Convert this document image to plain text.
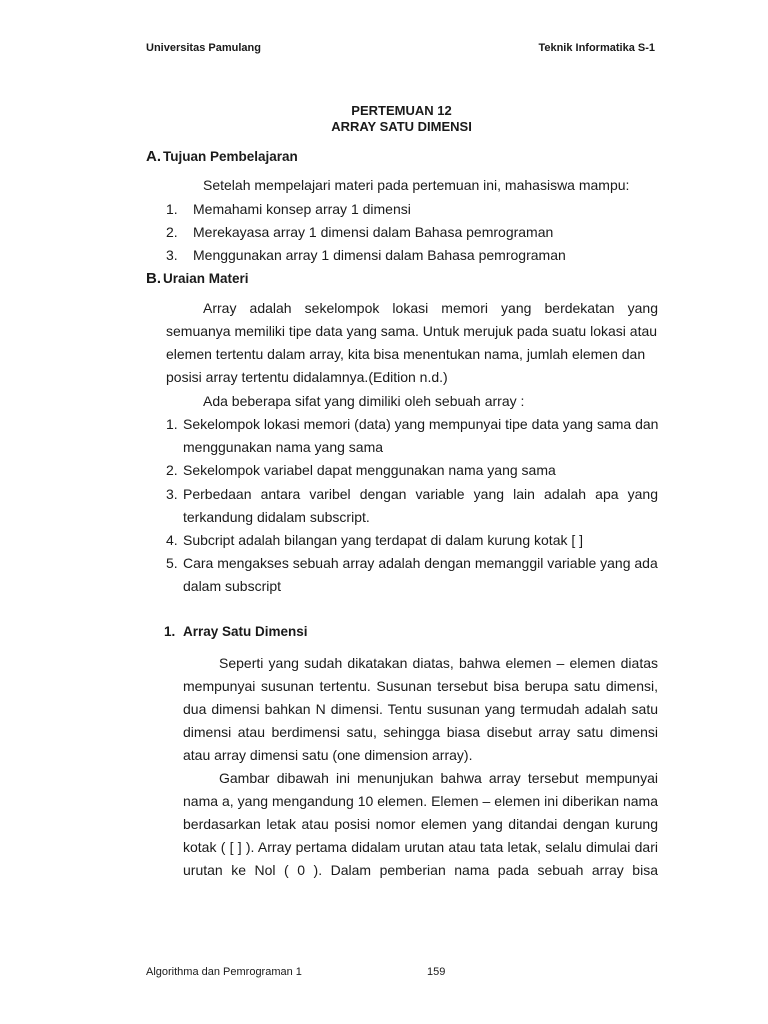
Universitas Pamulang	Teknik Informatika S-1
PERTEMUAN 12
ARRAY SATU DIMENSI
A. Tujuan Pembelajaran
Setelah mempelajari materi pada pertemuan ini, mahasiswa mampu:
1. Memahami konsep array 1 dimensi
2. Merekayasa array 1 dimensi dalam Bahasa pemrograman
3. Menggunakan array 1 dimensi dalam Bahasa pemrograman
B. Uraian Materi
Array adalah sekelompok lokasi memori yang berdekatan yang
semuanya memiliki tipe data yang sama. Untuk merujuk pada suatu lokasi atau
elemen tertentu dalam array, kita bisa menentukan nama, jumlah elemen dan
posisi array tertentu didalamnya.(Edition n.d.)
Ada beberapa sifat yang dimiliki oleh sebuah array :
1. Sekelompok lokasi memori (data) yang mempunyai tipe data yang sama dan
menggunakan nama yang sama
2. Sekelompok variabel dapat menggunakan nama yang sama
3. Perbedaan antara varibel dengan variable yang lain adalah apa yang
terkandung didalam subscript.
4. Subcript adalah bilangan yang terdapat di dalam kurung kotak [ ]
5. Cara mengakses sebuah array adalah dengan memanggil variable yang ada
dalam subscript
1. Array Satu Dimensi
Seperti yang sudah dikatakan diatas, bahwa elemen – elemen diatas
mempunyai susunan tertentu. Susunan tersebut bisa berupa satu dimensi,
dua dimensi bahkan N dimensi. Tentu susunan yang termudah adalah satu
dimensi atau berdimensi satu, sehingga biasa disebut array satu dimensi
atau array dimensi satu (one dimension array).
Gambar dibawah ini menunjukan bahwa array tersebut mempunyai
nama a, yang mengandung 10 elemen. Elemen – elemen ini diberikan nama
berdasarkan letak atau posisi nomor elemen yang ditandai dengan kurung
kotak ( [ ] ). Array pertama didalam urutan atau tata letak, selalu dimulai dari
urutan ke Nol ( 0 ). Dalam pemberian nama pada sebuah array bisa
Algorithma dan Pemrograman 1	159
